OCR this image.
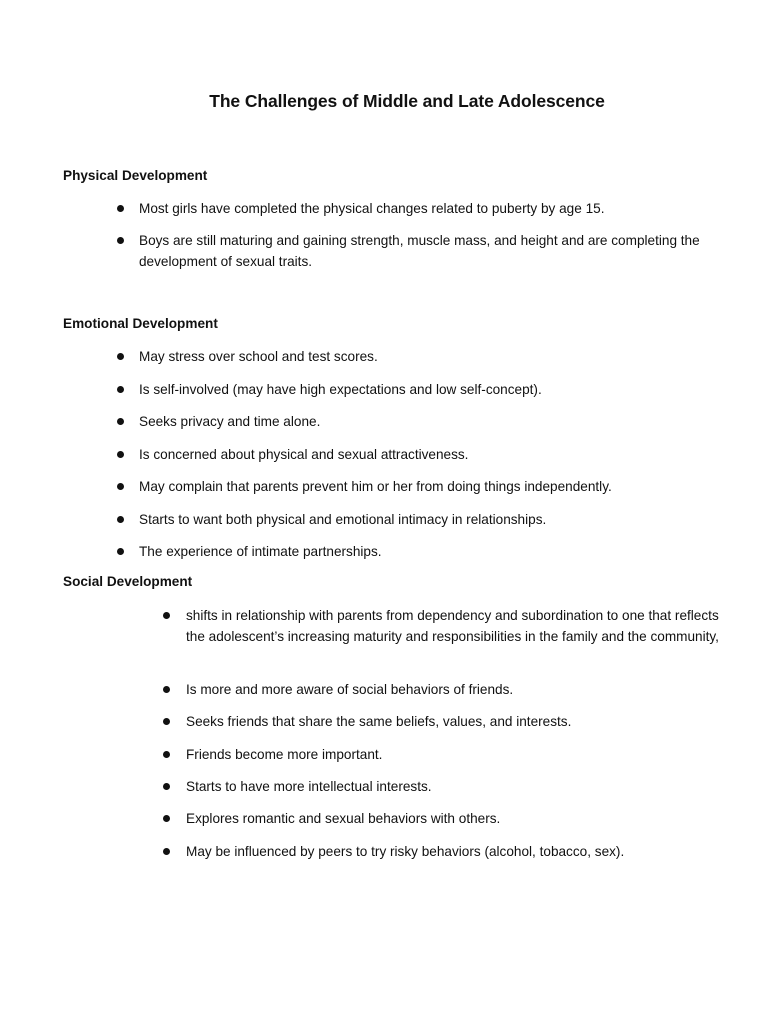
The Challenges of Middle and Late Adolescence
Physical Development
Most girls have completed the physical changes related to puberty by age 15.
Boys are still maturing and gaining strength, muscle mass, and height and are completing the development of sexual traits.
Emotional Development
May stress over school and test scores.
Is self-involved (may have high expectations and low self-concept).
Seeks privacy and time alone.
Is concerned about physical and sexual attractiveness.
May complain that parents prevent him or her from doing things independently.
Starts to want both physical and emotional intimacy in relationships.
The experience of intimate partnerships.
Social Development
shifts in relationship with parents from dependency and subordination to one that reflects the adolescent’s increasing maturity and responsibilities in the family and the community,
Is more and more aware of social behaviors of friends.
Seeks friends that share the same beliefs, values, and interests.
Friends become more important.
Starts to have more intellectual interests.
Explores romantic and sexual behaviors with others.
May be influenced by peers to try risky behaviors (alcohol, tobacco, sex).
